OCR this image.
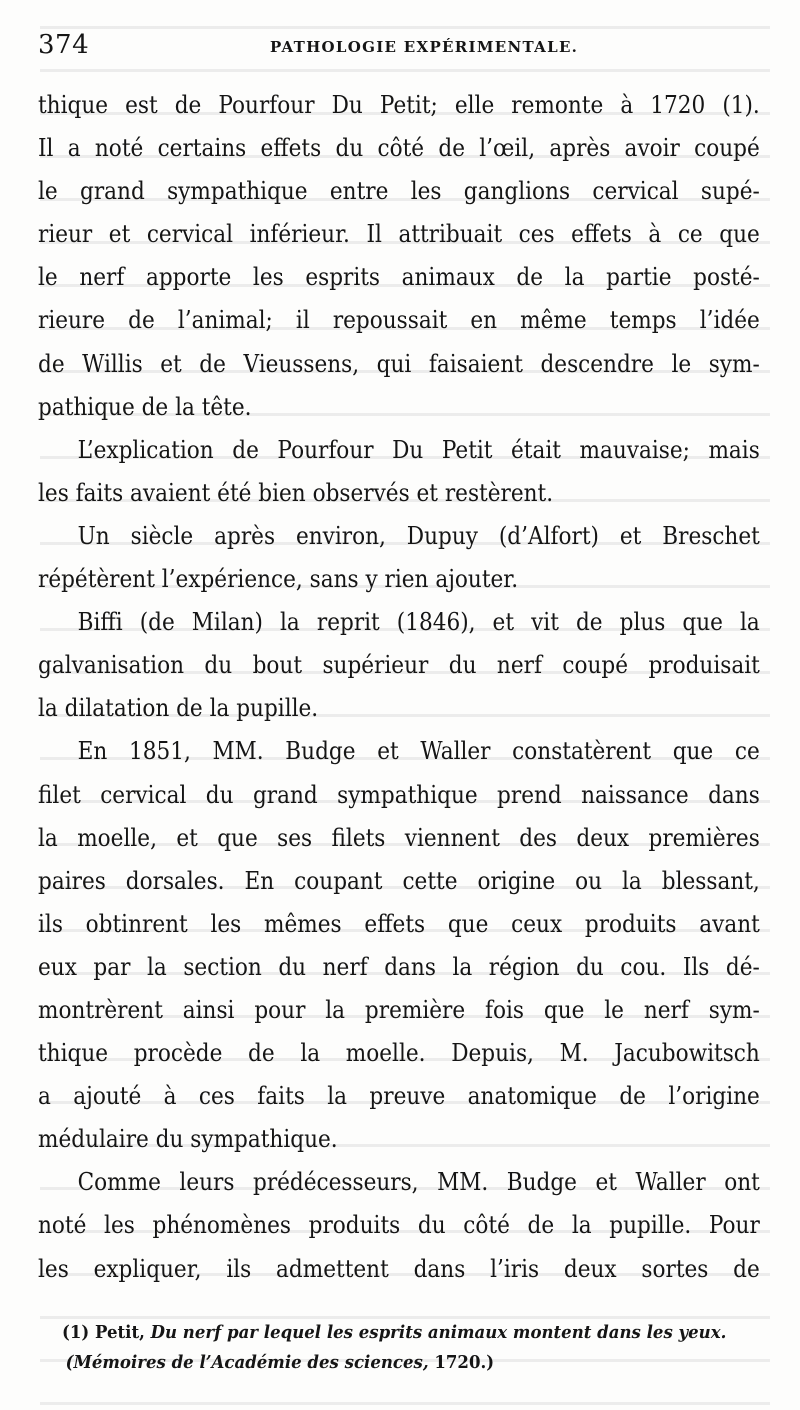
374	PATHOLOGIE EXPÉRIMENTALE.
thique est de Pourfour Du Petit; elle remonte à 1720 (1).
Il a noté certains effets du côté de l’œil, après avoir coupé
le grand sympathique entre les ganglions cervical supé-
rieur et cervical inférieur. Il attribuait ces effets à ce que
le nerf apporte les esprits animaux de la partie posté-
rieure de l’animal; il repoussait en même temps l’idée
de Willis et de Vieussens, qui faisaient descendre le sym-
pathique de la tête.
L’explication de Pourfour Du Petit était mauvaise; mais
les faits avaient été bien observés et restèrent.
Un siècle après environ, Dupuy (d’Alfort) et Breschet
répétèrent l’expérience, sans y rien ajouter.
Biffi (de Milan) la reprit (1846), et vit de plus que la
galvanisation du bout supérieur du nerf coupé produisait
la dilatation de la pupille.
En 1851, MM. Budge et Waller constatèrent que ce
filet cervical du grand sympathique prend naissance dans
la moelle, et que ses filets viennent des deux premières
paires dorsales. En coupant cette origine ou la blessant,
ils obtinrent les mêmes effets que ceux produits avant
eux par la section du nerf dans la région du cou. Ils dé-
montrèrent ainsi pour la première fois que le nerf sym-
thique procède de la moelle. Depuis, M. Jacubowitsch
a ajouté à ces faits la preuve anatomique de l’origine
médulaire du sympathique.
Comme leurs prédécesseurs, MM. Budge et Waller ont
noté les phénomènes produits du côté de la pupille. Pour
les expliquer, ils admettent dans l’iris deux sortes de
(1) Petit, Du nerf par lequel les esprits animaux montent dans les yeux.
(Mémoires de l’Académie des sciences, 1720.)
